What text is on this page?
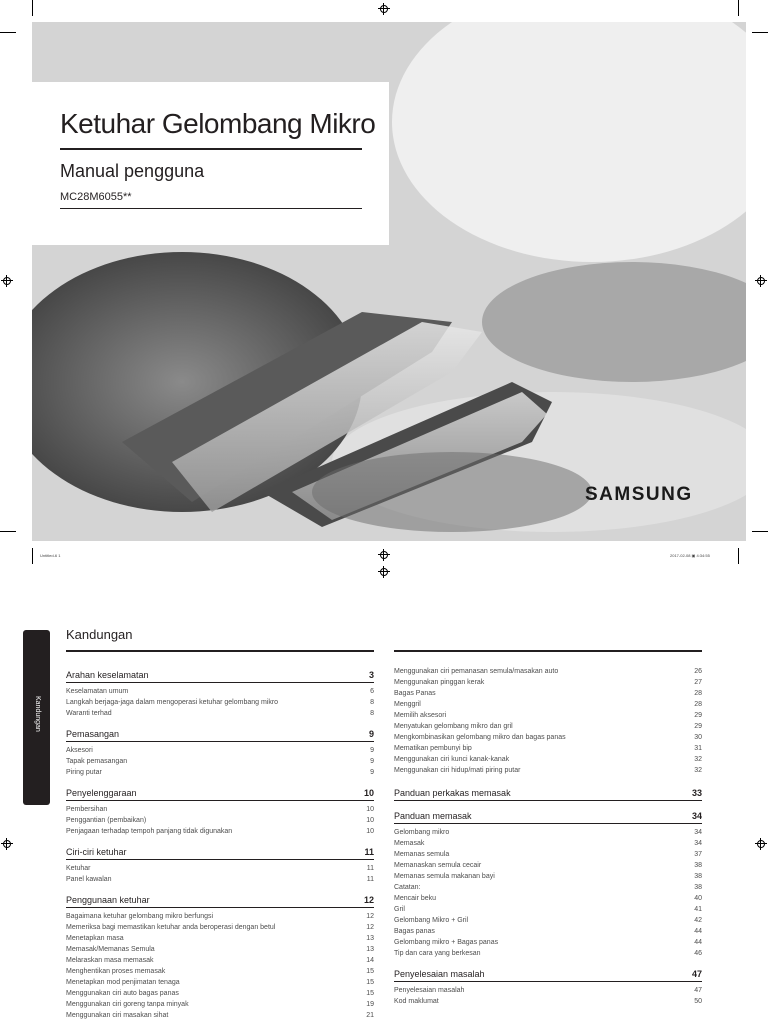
Ketuhar Gelombang Mikro
Manual pengguna
MC28M6055**
SAMSUNG
Untitled-6 1	2017-02-08 ▣ 4:34:55
Kandungan
Kandungan
Arahan keselamatan	3
Keselamatan umum	6
Langkah berjaga-jaga dalam mengoperasi ketuhar gelombang mikro	8
Waranti terhad	8
Pemasangan	9
Aksesori	9
Tapak pemasangan	9
Piring putar	9
Penyelenggaraan	10
Pembersihan	10
Penggantian (pembaikan)	10
Penjagaan terhadap tempoh panjang tidak digunakan	10
Ciri-ciri ketuhar	11
Ketuhar	11
Panel kawalan	11
Penggunaan ketuhar	12
Bagaimana ketuhar gelombang mikro berfungsi	12
Memeriksa bagi memastikan ketuhar anda beroperasi dengan betul	12
Menetapkan masa	13
Memasak/Memanas Semula	13
Melaraskan masa memasak	14
Menghentikan proses memasak	15
Menetapkan mod penjimatan tenaga	15
Menggunakan ciri auto bagas panas	15
Menggunakan ciri goreng tanpa minyak	19
Menggunakan ciri masakan sihat	21
Menggunakan ciri pemanasan semula/masakan auto	26
Menggunakan pinggan kerak	27
Bagas Panas	28
Menggril	28
Memilih aksesori	29
Menyatukan gelombang mikro dan gril	29
Mengkombinasikan gelombang mikro dan bagas panas	30
Mematikan pembunyi bip	31
Menggunakan ciri kunci kanak-kanak	32
Menggunakan ciri hidup/mati piring putar	32
Panduan perkakas memasak	33
Panduan memasak	34
Gelombang mikro	34
Memasak	34
Memanas semula	37
Memanaskan semula cecair	38
Memanas semula makanan bayi	38
Catatan:	38
Mencair beku	40
Gril	41
Gelombang Mikro + Gril	42
Bagas panas	44
Gelombang mikro + Bagas panas	44
Tip dan cara yang berkesan	46
Penyelesaian masalah	47
Penyelesaian masalah	47
Kod maklumat	50
